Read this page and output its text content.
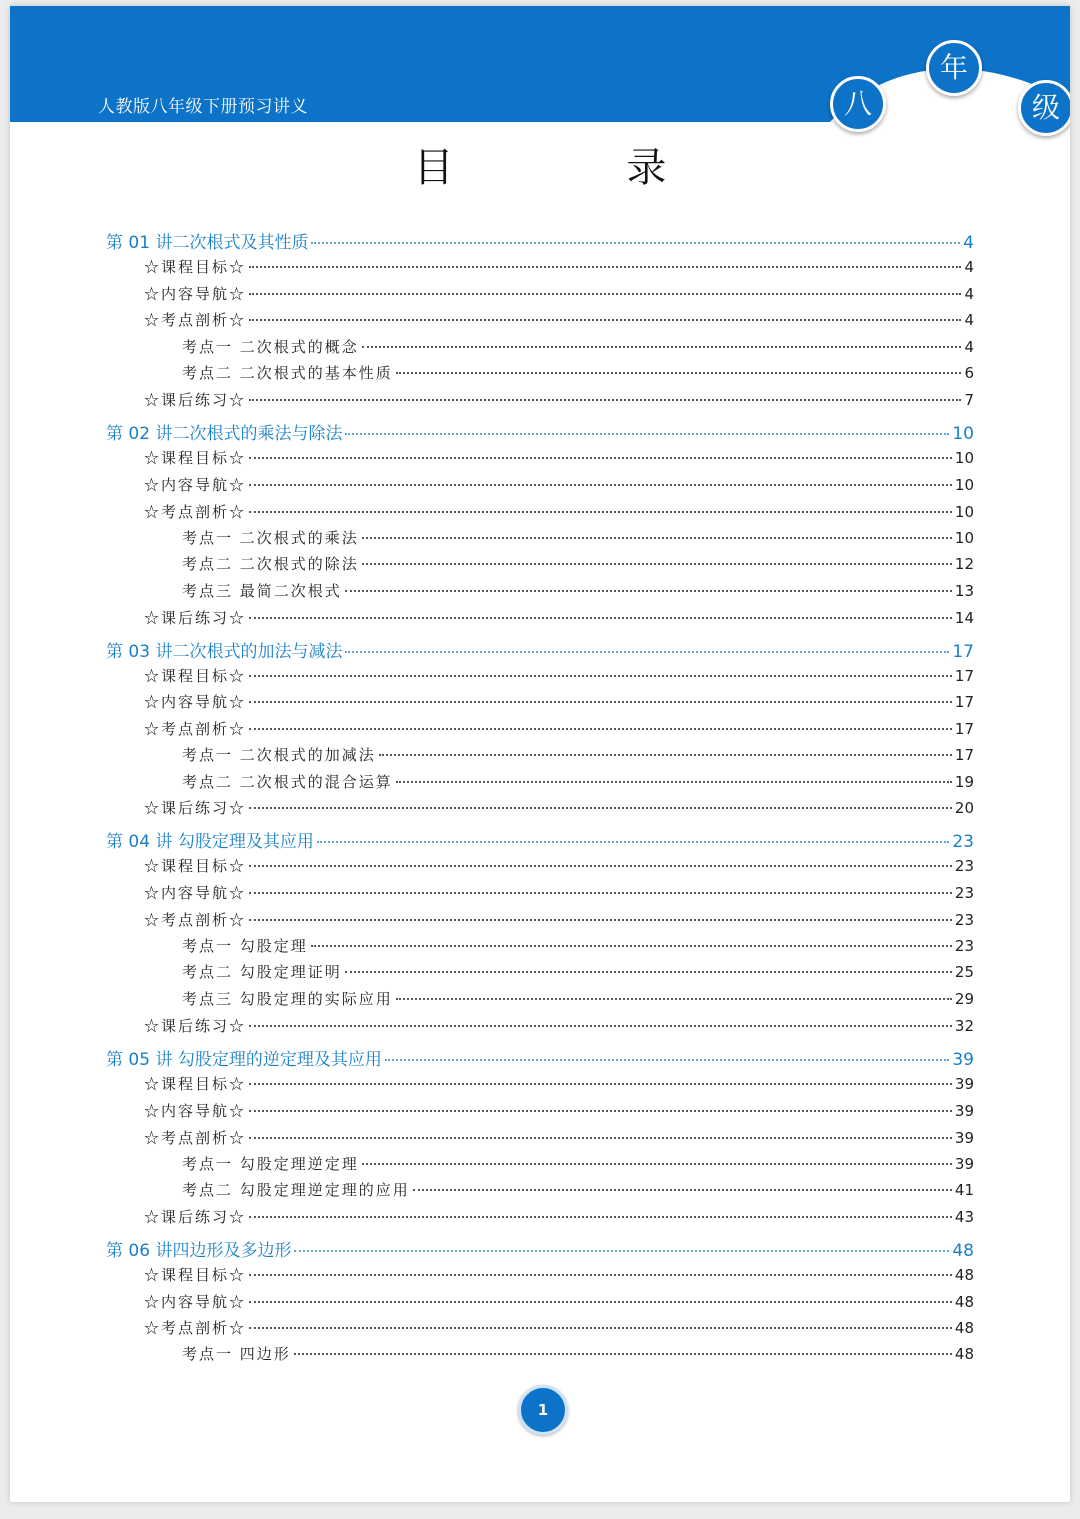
人教版八年级下册预习讲义	八
年
级
目 录
第 01 讲二次根式及其性质	4
☆课程目标☆	4
☆内容导航☆	4
☆考点剖析☆	4
考点一 二次根式的概念	4
考点二 二次根式的基本性质	6
☆课后练习☆	7
第 02 讲二次根式的乘法与除法	10
☆课程目标☆	10
☆内容导航☆	10
☆考点剖析☆	10
考点一 二次根式的乘法	10
考点二 二次根式的除法	12
考点三 最简二次根式	13
☆课后练习☆	14
第 03 讲二次根式的加法与减法	17
☆课程目标☆	17
☆内容导航☆	17
☆考点剖析☆	17
考点一 二次根式的加减法	17
考点二 二次根式的混合运算	19
☆课后练习☆	20
第 04 讲 勾股定理及其应用	23
☆课程目标☆	23
☆内容导航☆	23
☆考点剖析☆	23
考点一 勾股定理	23
考点二 勾股定理证明	25
考点三 勾股定理的实际应用	29
☆课后练习☆	32
第 05 讲 勾股定理的逆定理及其应用	39
☆课程目标☆	39
☆内容导航☆	39
☆考点剖析☆	39
考点一 勾股定理逆定理	39
考点二 勾股定理逆定理的应用	41
☆课后练习☆	43
第 06 讲四边形及多边形	48
☆课程目标☆	48
☆内容导航☆	48
☆考点剖析☆	48
考点一 四边形	48
1
